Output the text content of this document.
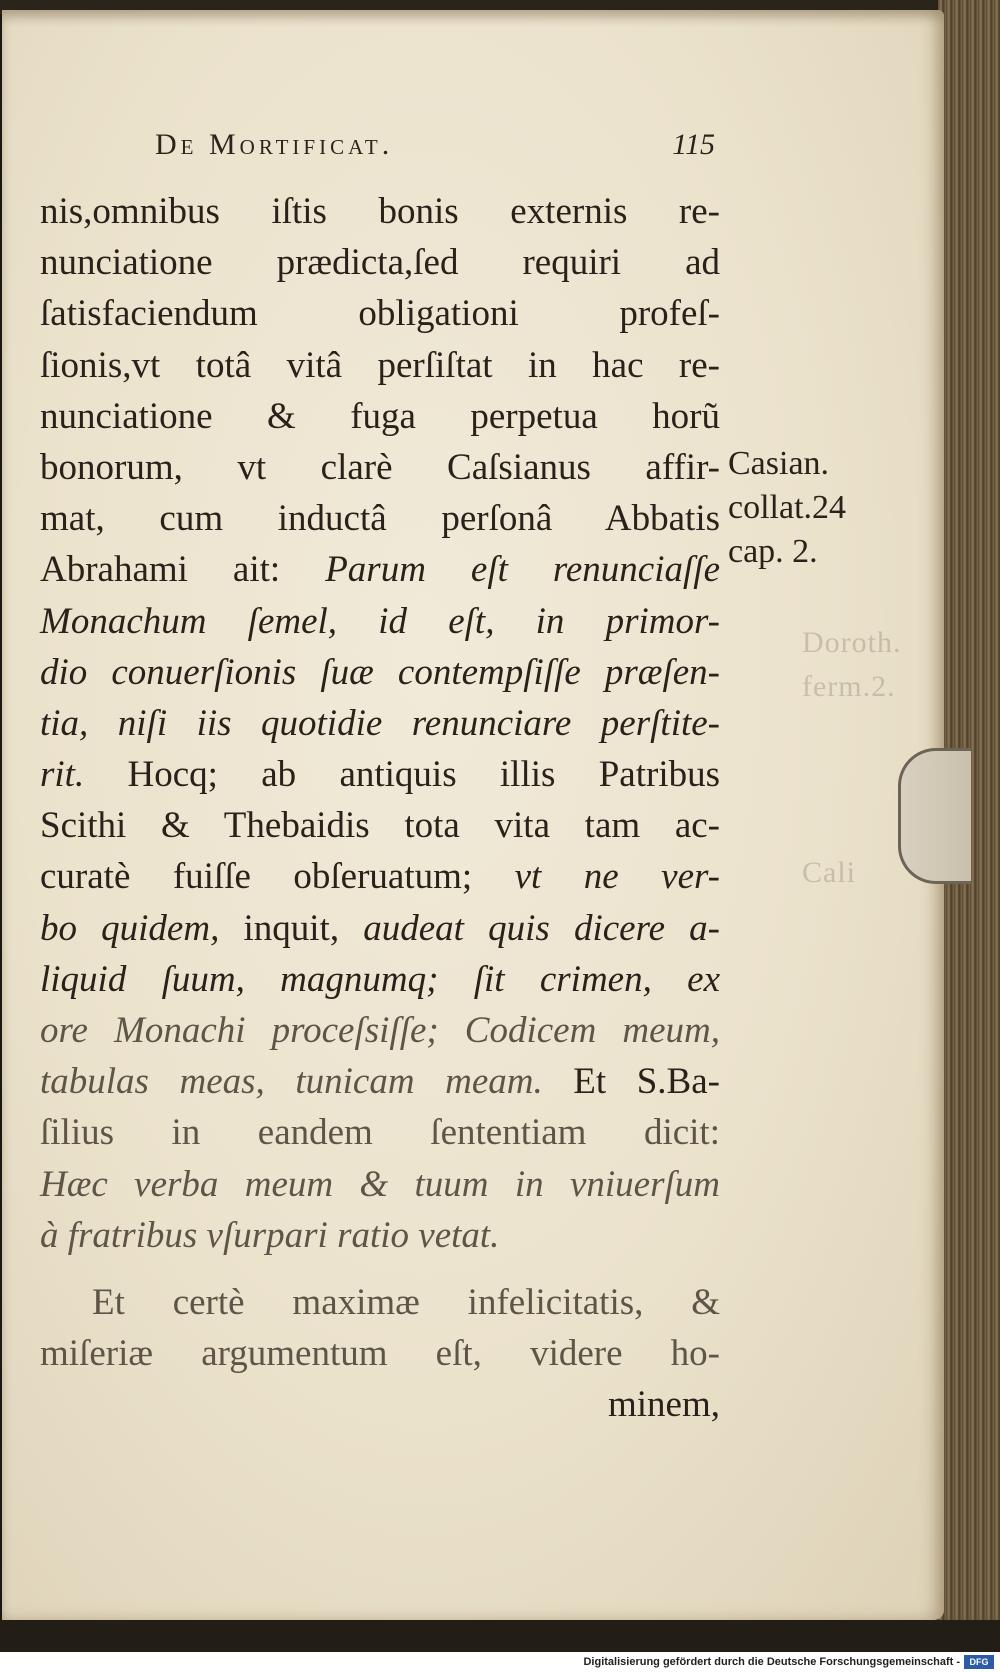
Doroth.
ferm.2.
Cali
De Mortificat.	115
nis,omnibus iſtis bonis externis re-
nunciatione prædicta,ſed requiri ad
ſatisfaciendum obligationi profeſ-
ſionis,vt totâ vitâ perſiſtat in hac re-
nunciatione & fuga perpetua horũ
bonorum, vt clarè Caſsianus affir-
mat, cum inductâ perſonâ Abbatis
Abrahami ait: Parum eſt renunciaſſe
Monachum ſemel, id eſt, in primor-
dio conuerſionis ſuæ contempſiſſe præſen-
tia, niſi iis quotidie renunciare perſtite-
rit. Hocq; ab antiquis illis Patribus
Scithi & Thebaidis tota vita tam ac-
curatè fuiſſe obſeruatum; vt ne ver-
bo quidem, inquit, audeat quis dicere a-
liquid ſuum, magnumq; ſit crimen, ex
ore Monachi proceſsiſſe; Codicem meum,
tabulas meas, tunicam meam. Et S.Ba-
ſilius in eandem ſententiam dicit:
Hæc verba meum & tuum in vniuerſum
à fratribus vſurpari ratio vetat.
Et certè maximæ infelicitatis, &
miſeriæ argumentum eſt, videre ho-
minem,
Casian.
collat.24
cap. 2.
Digitalisierung gefördert durch die Deutsche Forschungsgemeinschaft -	DFG
